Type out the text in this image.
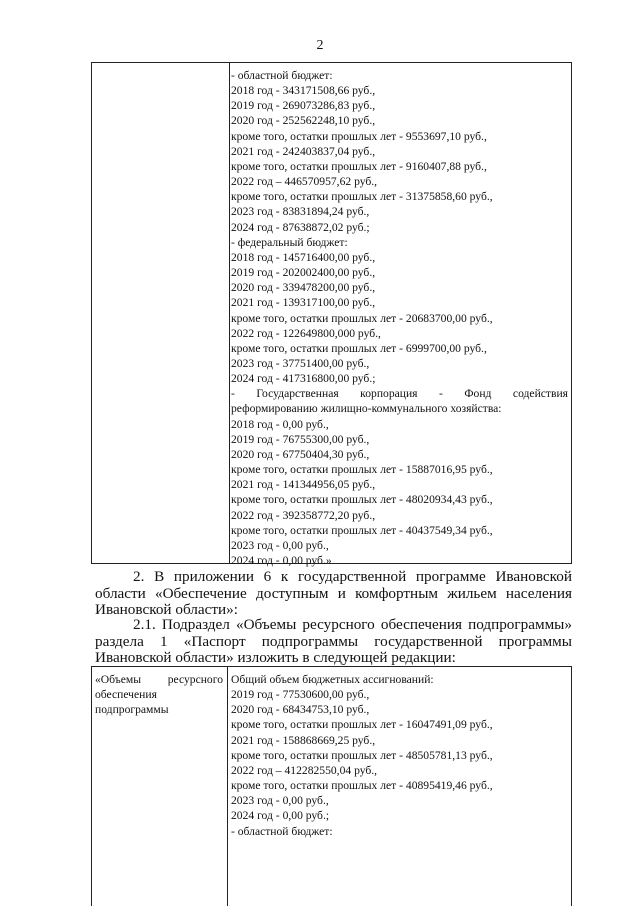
2
- областной бюджет:
2018 год - 343171508,66 руб.,
2019 год - 269073286,83 руб.,
2020 год - 252562248,10 руб.,
кроме того, остатки прошлых лет - 9553697,10 руб.,
2021 год - 242403837,04 руб.,
кроме того, остатки прошлых лет - 9160407,88 руб.,
2022 год – 446570957,62 руб.,
кроме того, остатки прошлых лет - 31375858,60 руб.,
2023 год - 83831894,24 руб.,
2024 год - 87638872,02 руб.;
- федеральный бюджет:
2018 год - 145716400,00 руб.,
2019 год - 202002400,00 руб.,
2020 год - 339478200,00 руб.,
2021 год - 139317100,00 руб.,
кроме того, остатки прошлых лет - 20683700,00 руб.,
2022 год - 122649800,000 руб.,
кроме того, остатки прошлых лет - 6999700,00 руб.,
2023 год - 37751400,00 руб.,
2024 год - 417316800,00 руб.;
- Государственная корпорация - Фонд содействия
реформированию жилищно-коммунального хозяйства:
2018 год - 0,00 руб.,
2019 год - 76755300,00 руб.,
2020 год - 67750404,30 руб.,
кроме того, остатки прошлых лет - 15887016,95 руб.,
2021 год - 141344956,05 руб.,
кроме того, остатки прошлых лет - 48020934,43 руб.,
2022 год - 392358772,20 руб.,
кроме того, остатки прошлых лет - 40437549,34 руб.,
2023 год - 0,00 руб.,
2024 год - 0,00 руб.»
2. В приложении 6 к государственной программе Ивановской
области «Обеспечение доступным и комфортным жильем населения
Ивановской области»:
2.1. Подраздел «Объемы ресурсного обеспечения подпрограммы»
раздела 1 «Паспорт подпрограммы государственной программы
Ивановской области» изложить в следующей редакции:
«Объемы ресурсного
обеспечения
подпрограммы
Общий объем бюджетных ассигнований:
2019 год - 77530600,00 руб.,
2020 год - 68434753,10 руб.,
кроме того, остатки прошлых лет - 16047491,09 руб.,
2021 год - 158868669,25 руб.,
кроме того, остатки прошлых лет - 48505781,13 руб.,
2022 год – 412282550,04 руб.,
кроме того, остатки прошлых лет - 40895419,46 руб.,
2023 год - 0,00 руб.,
2024 год - 0,00 руб.;
- областной бюджет:
